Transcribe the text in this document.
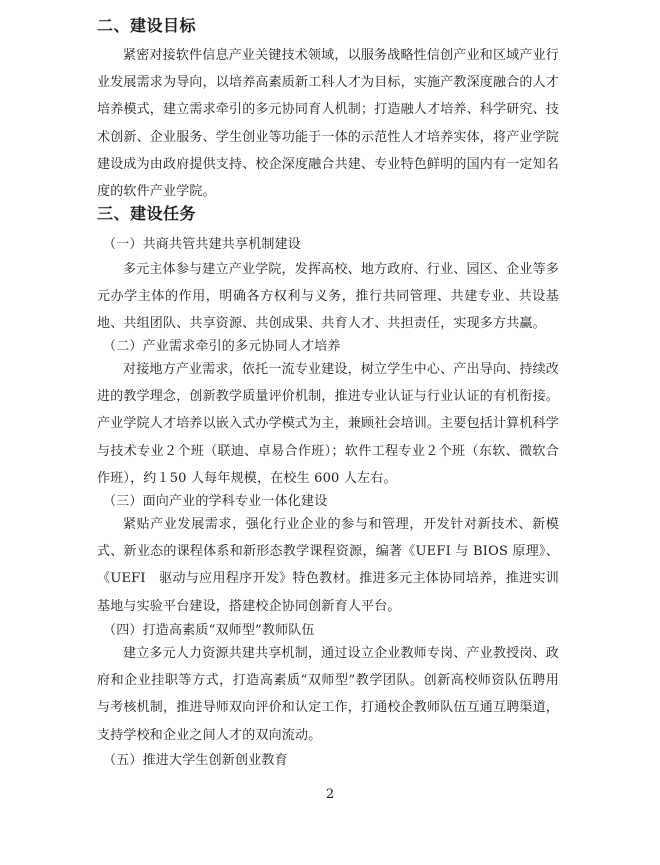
二、建设目标
紧密对接软件信息产业关键技术领域，以服务战略性信创产业和区域产业行业发展需求为导向，以培养高素质新工科人才为目标，实施产教深度融合的人才培养模式，建立需求牵引的多元协同育人机制；打造融人才培养、科学研究、技术创新、企业服务、学生创业等功能于一体的示范性人才培养实体，将产业学院建设成为由政府提供支持、校企深度融合共建、专业特色鲜明的国内有一定知名度的软件产业学院。
三、建设任务
（一）共商共管共建共享机制建设
多元主体参与建立产业学院，发挥高校、地方政府、行业、园区、企业等多元办学主体的作用，明确各方权利与义务，推行共同管理、共建专业、共设基地、共组团队、共享资源、共创成果、共育人才、共担责任，实现多方共赢。
（二）产业需求牵引的多元协同人才培养
对接地方产业需求，依托一流专业建设，树立学生中心、产出导向、持续改进的教学理念，创新教学质量评价机制，推进专业认证与行业认证的有机衔接。产业学院人才培养以嵌入式办学模式为主，兼顾社会培训。主要包括计算机科学与技术专业２个班（联迪、卓易合作班）；软件工程专业２个班（东软、微软合作班），约１50 人每年规模，在校生 600 人左右。
（三）面向产业的学科专业一体化建设
紧贴产业发展需求，强化行业企业的参与和管理，开发针对新技术、新模式、新业态的课程体系和新形态教学课程资源，编著《UEFI 与 BIOS 原理》、《UEFI　驱动与应用程序开发》特色教材。推进多元主体协同培养，推进实训基地与实验平台建设，搭建校企协同创新育人平台。
（四）打造高素质“双师型”教师队伍
建立多元人力资源共建共享机制，通过设立企业教师专岗、产业教授岗、政府和企业挂职等方式，打造高素质“双师型”教学团队。创新高校师资队伍聘用与考核机制，推进导师双向评价和认定工作，打通校企教师队伍互通互聘渠道，支持学校和企业之间人才的双向流动。
（五）推进大学生创新创业教育
2
